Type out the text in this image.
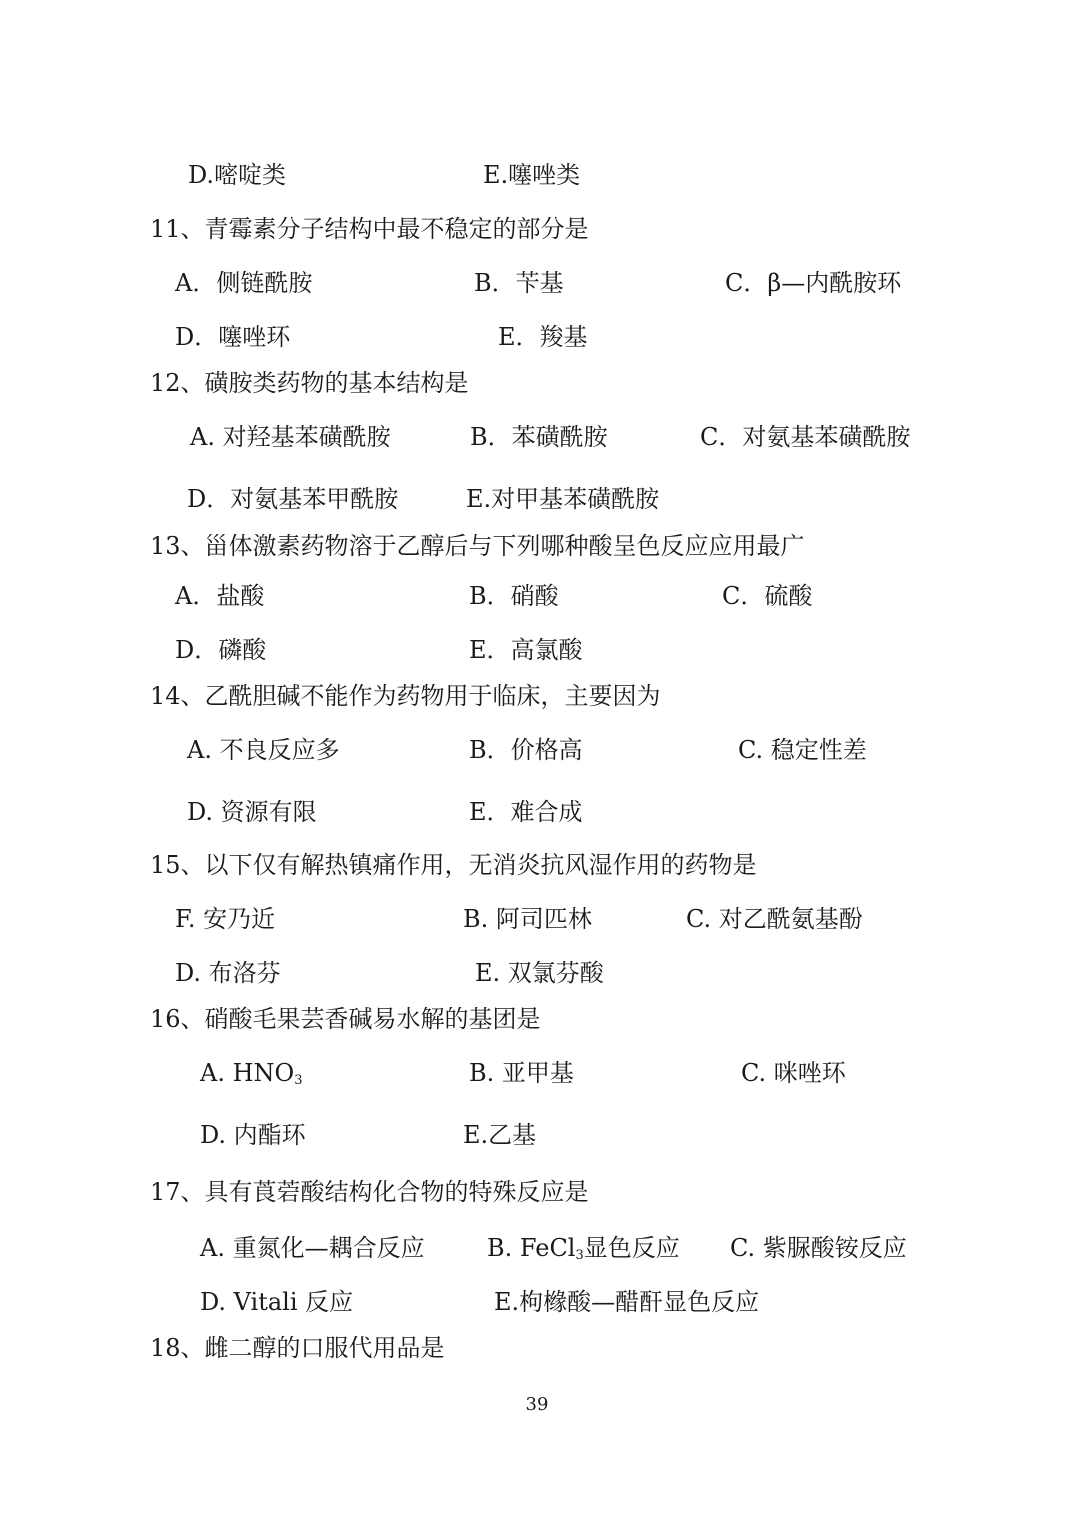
D.嘧啶类	E.噻唑类
11、青霉素分子结构中最不稳定的部分是
A．侧链酰胺	B．苄基	C．β—内酰胺环
D．噻唑环	E．羧基
12、磺胺类药物的基本结构是
A. 对羟基苯磺酰胺	B．苯磺酰胺	C．对氨基苯磺酰胺
D．对氨基苯甲酰胺	E.对甲基苯磺酰胺
13、甾体激素药物溶于乙醇后与下列哪种酸呈色反应应用最广
A．盐酸	B．硝酸	C．硫酸
D．磷酸	E．高氯酸
14、乙酰胆碱不能作为药物用于临床，主要因为
A. 不良反应多	B．价格高	C. 稳定性差
D. 资源有限	E．难合成
15、以下仅有解热镇痛作用，无消炎抗风湿作用的药物是
F. 安乃近	B. 阿司匹林	C. 对乙酰氨基酚
D. 布洛芬	E. 双氯芬酸
16、硝酸毛果芸香碱易水解的基团是
A. $HNO_3$	B. 亚甲基	C. 咪唑环
D. 内酯环	E.乙基
17、具有莨菪酸结构化合物的特殊反应是
A. 重氮化—耦合反应	B. FeCl$_3$显色反应 C. 紫脲酸铵反应
D. Vitali 反应	E.枸橼酸—醋酐显色反应
18、雌二醇的口服代用品是
39
